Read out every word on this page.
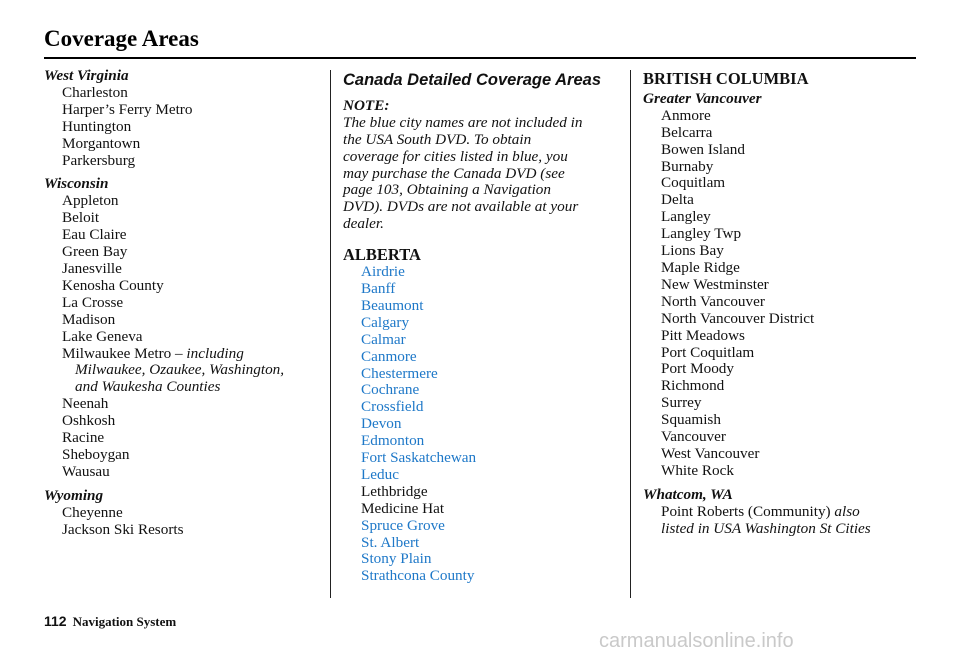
Coverage Areas
West Virginia
Charleston
Harper’s Ferry Metro
Huntington
Morgantown
Parkersburg
Wisconsin
Appleton
Beloit
Eau Claire
Green Bay
Janesville
Kenosha County
La Crosse
Madison
Lake Geneva
Milwaukee Metro – including
Milwaukee, Ozaukee, Washington,
and Waukesha Counties
Neenah
Oshkosh
Racine
Sheboygan
Wausau
Wyoming
Cheyenne
Jackson Ski Resorts
Canada Detailed Coverage Areas
NOTE:
The blue city names are not included in
the USA South DVD. To obtain
coverage for cities listed in blue, you
may purchase the Canada DVD (see
page 103, Obtaining a Navigation
DVD). DVDs are not available at your
dealer.
ALBERTA
Airdrie
Banff
Beaumont
Calgary
Calmar
Canmore
Chestermere
Cochrane
Crossfield
Devon
Edmonton
Fort Saskatchewan
Leduc
Lethbridge
Medicine Hat
Spruce Grove
St. Albert
Stony Plain
Strathcona County
BRITISH COLUMBIA
Greater Vancouver
Anmore
Belcarra
Bowen Island
Burnaby
Coquitlam
Delta
Langley
Langley Twp
Lions Bay
Maple Ridge
New Westminster
North Vancouver
North Vancouver District
Pitt Meadows
Port Coquitlam
Port Moody
Richmond
Surrey
Squamish
Vancouver
West Vancouver
White Rock
Whatcom, WA
Point Roberts (Community) also
listed in USA Washington St Cities
112 Navigation System
carmanualsonline.info
